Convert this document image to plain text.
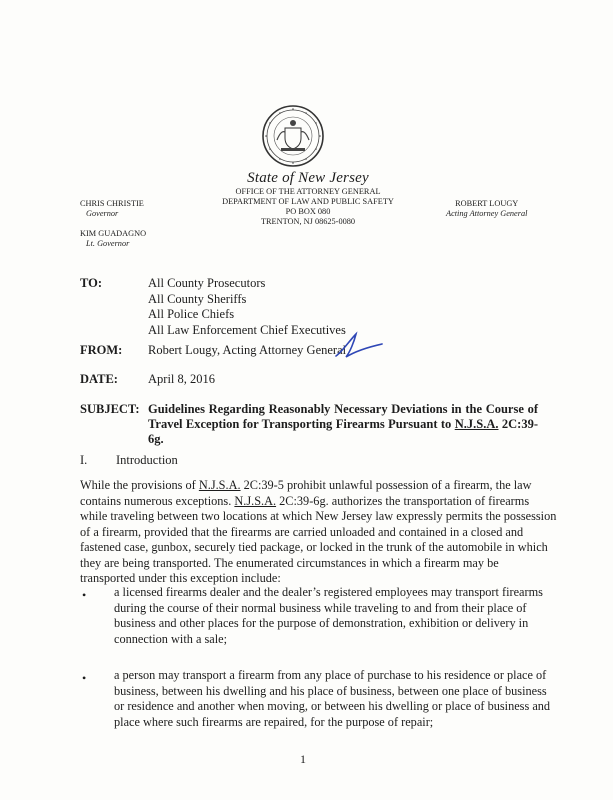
State of New Jersey
OFFICE OF THE ATTORNEY GENERAL
DEPARTMENT OF LAW AND PUBLIC SAFETY
PO BOX 080
TRENTON, NJ 08625-0080
CHRIS CHRISTIE
Governor
KIM GUADAGNO
Lt. Governor
ROBERT LOUGY
Acting Attorney General
TO:	All County Prosecutors
All County Sheriffs
All Police Chiefs
All Law Enforcement Chief Executives
FROM: Robert Lougy, Acting Attorney General
DATE: April 8, 2016
SUBJECT: Guidelines Regarding Reasonably Necessary Deviations in the Course of Travel Exception for Transporting Firearms Pursuant to N.J.S.A. 2C:39-6g.
I. Introduction
While the provisions of N.J.S.A. 2C:39-5 prohibit unlawful possession of a firearm, the law
contains numerous exceptions. N.J.S.A. 2C:39-6g. authorizes the transportation of firearms
while traveling between two locations at which New Jersey law expressly permits the possession
of a firearm, provided that the firearms are carried unloaded and contained in a closed and
fastened case, gunbox, securely tied package, or locked in the trunk of the automobile in which
they are being transported. The enumerated circumstances in which a firearm may be
transported under this exception include:
• a licensed firearms dealer and the dealer’s registered employees may transport firearms
during the course of their normal business while traveling to and from their place of
business and other places for the purpose of demonstration, exhibition or delivery in
connection with a sale;
• a person may transport a firearm from any place of purchase to his residence or place of
business, between his dwelling and his place of business, between one place of business
or residence and another when moving, or between his dwelling or place of business and
place where such firearms are repaired, for the purpose of repair;
1
